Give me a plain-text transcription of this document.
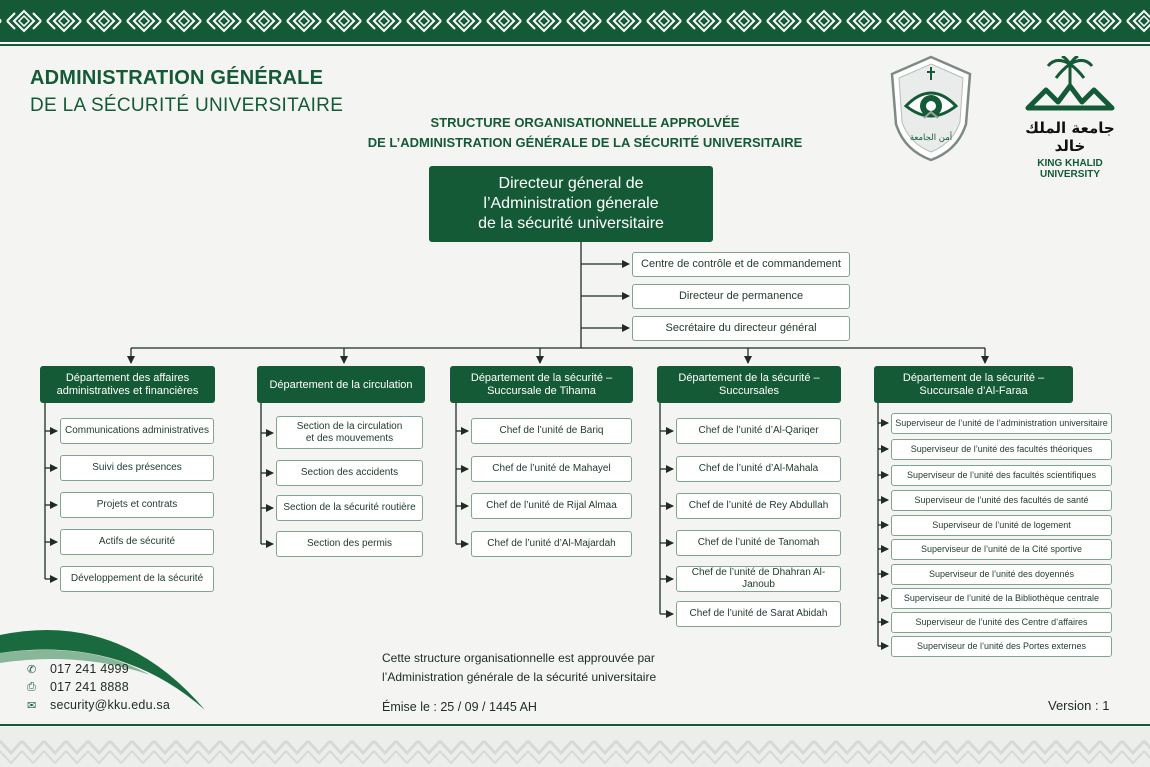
ADMINISTRATION GÉNÉRALE
DE LA SÉCURITÉ UNIVERSITAIRE
STRUCTURE ORGANISATIONNELLE APPROLVÉE
DE L’ADMINISTRATION GÉNÉRALE DE LA SÉCURITÉ UNIVERSITAIRE	أمن الجامعة
جامعة الملك خالد
KING KHALID UNIVERSITY
Directeur géneral de
l’Administration génerale
de la sécurité universitaire
Centre de contrôle et de commandement
Directeur de permanence
Secrétaire du directeur général
Département des affaires
administratives et financières	Département de la circulation
Département de la sécurité –
Succursale de Tihama
Département de la sécurité –
Succursales
Département de la sécurité –
Succursale d’Al-Faraa
Communications administratives
Suivi des présences
Projets et contrats
Actifs de sécurité
Développement de la sécurité
Section de la circulation
et des mouvements
Section des accidents
Section de la sécurité routière
Section des permis
Chef de l’unité de Bariq
Chef de l’unité de Mahayel
Chef de l’unité de Rijal Almaa
Chef de l’unité d’Al-Majardah
Chef de l’unité d’Al-Qariqer
Chef de l’unité d’Al-Mahala
Chef de l’unité de Rey Abdullah
Chef de l’unité de Tanomah
Chef de l’unité de Dhahran Al-Janoub
Chef de l’unité de Sarat Abidah
Superviseur de l’unité de l’administration universitaire
Superviseur de l’unité des facultés théoriques
Superviseur de l’unité des facultés scientifiques
Superviseur de l’unité des facultés de santé
Superviseur de l’unité de logement
Superviseur de l’unité de la Cité sportive
Superviseur de l’unité des doyennés
Superviseur de l’unité de la Bibliothèque centrale
Superviseur de l’unité des Centre d’affaires
Superviseur de l’unité des Portes externes
✆ 017 241 4999
⎙ 017 241 8888
✉ security@kku.edu.sa
Cette structure organisationnelle est approuvée par
l’Administration générale de la sécurité universitaire
Émise le : 25 / 09 / 1445 AH	Version : 1
